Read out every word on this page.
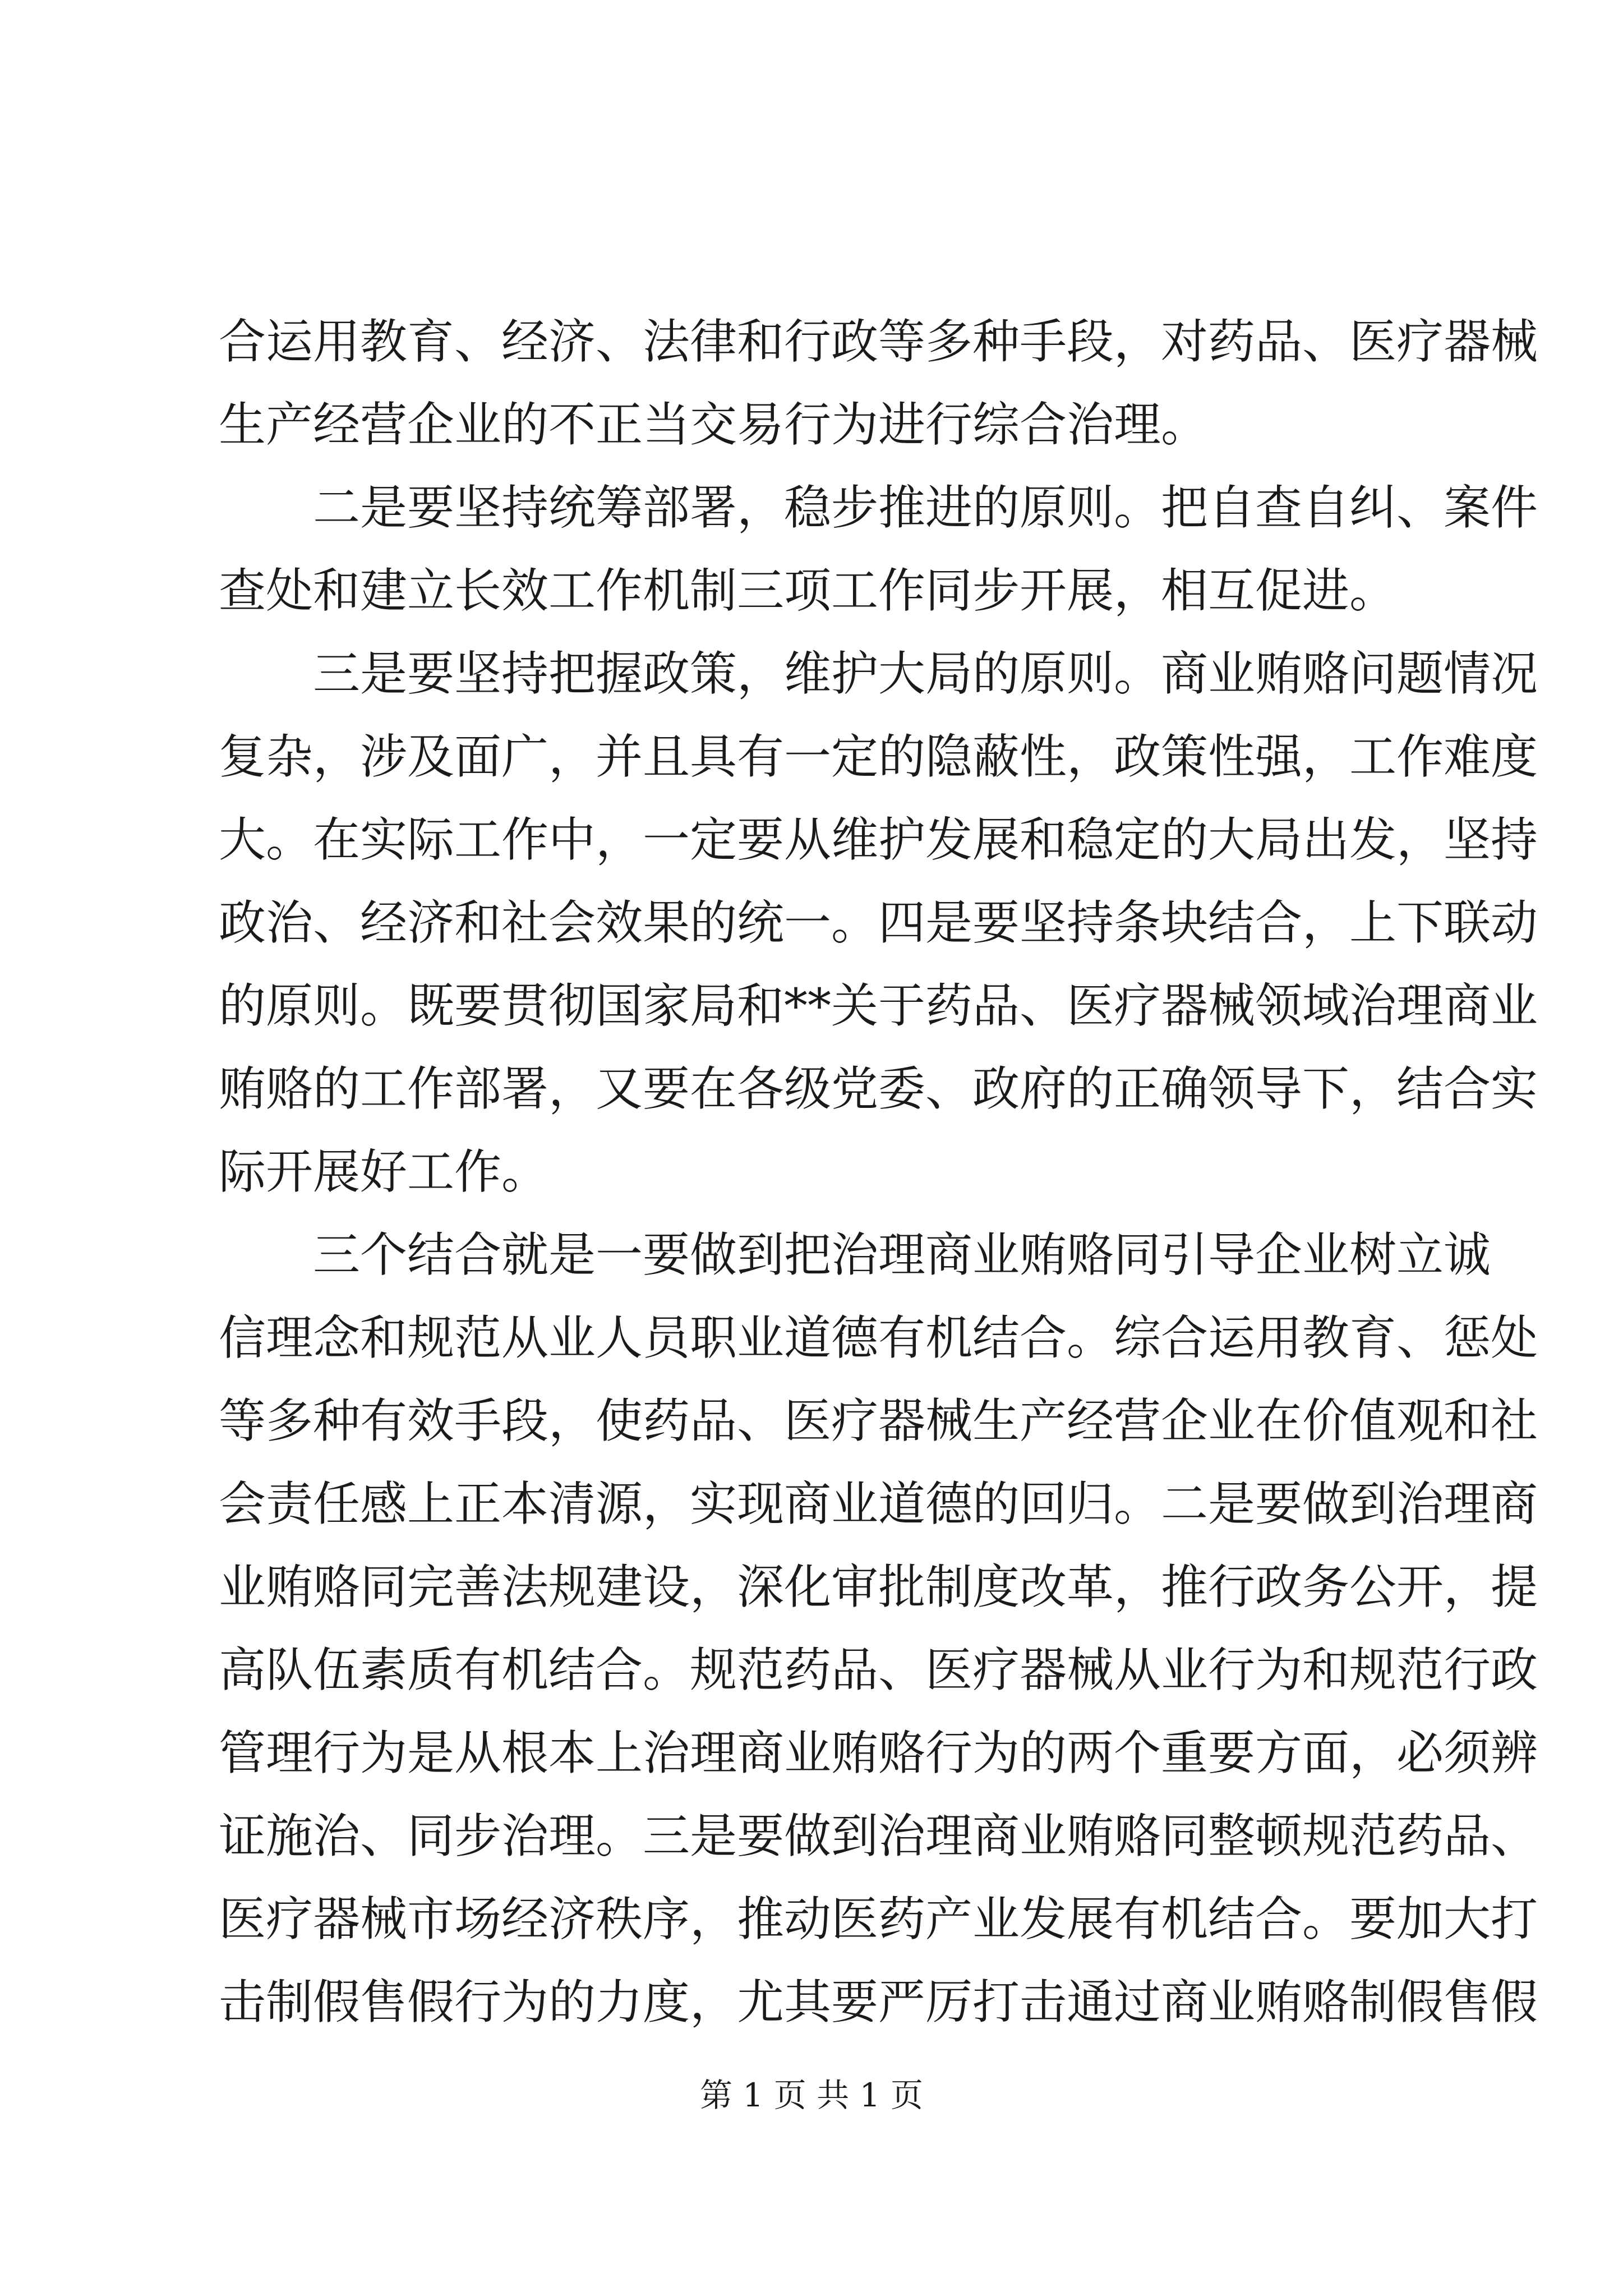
合运用教育、经济、法律和行政等多种手段，对药品、医疗器械
生产经营企业的不正当交易行为进行综合治理。
二是要坚持统筹部署，稳步推进的原则。把自查自纠、案件
查处和建立长效工作机制三项工作同步开展，相互促进。
三是要坚持把握政策，维护大局的原则。商业贿赂问题情况
复杂，涉及面广，并且具有一定的隐蔽性，政策性强，工作难度
大。在实际工作中，一定要从维护发展和稳定的大局出发，坚持
政治、经济和社会效果的统一。四是要坚持条块结合，上下联动
的原则。既要贯彻国家局和**关于药品、医疗器械领域治理商业
贿赂的工作部署，又要在各级党委、政府的正确领导下，结合实
际开展好工作。
三个结合就是一要做到把治理商业贿赂同引导企业树立诚
信理念和规范从业人员职业道德有机结合。综合运用教育、惩处
等多种有效手段，使药品、医疗器械生产经营企业在价值观和社
会责任感上正本清源，实现商业道德的回归。二是要做到治理商
业贿赂同完善法规建设，深化审批制度改革，推行政务公开，提
高队伍素质有机结合。规范药品、医疗器械从业行为和规范行政
管理行为是从根本上治理商业贿赂行为的两个重要方面，必须辨
证施治、同步治理。三是要做到治理商业贿赂同整顿规范药品、
医疗器械市场经济秩序，推动医药产业发展有机结合。要加大打
击制假售假行为的力度，尤其要严厉打击通过商业贿赂制假售假
第 1 页 共 1 页
